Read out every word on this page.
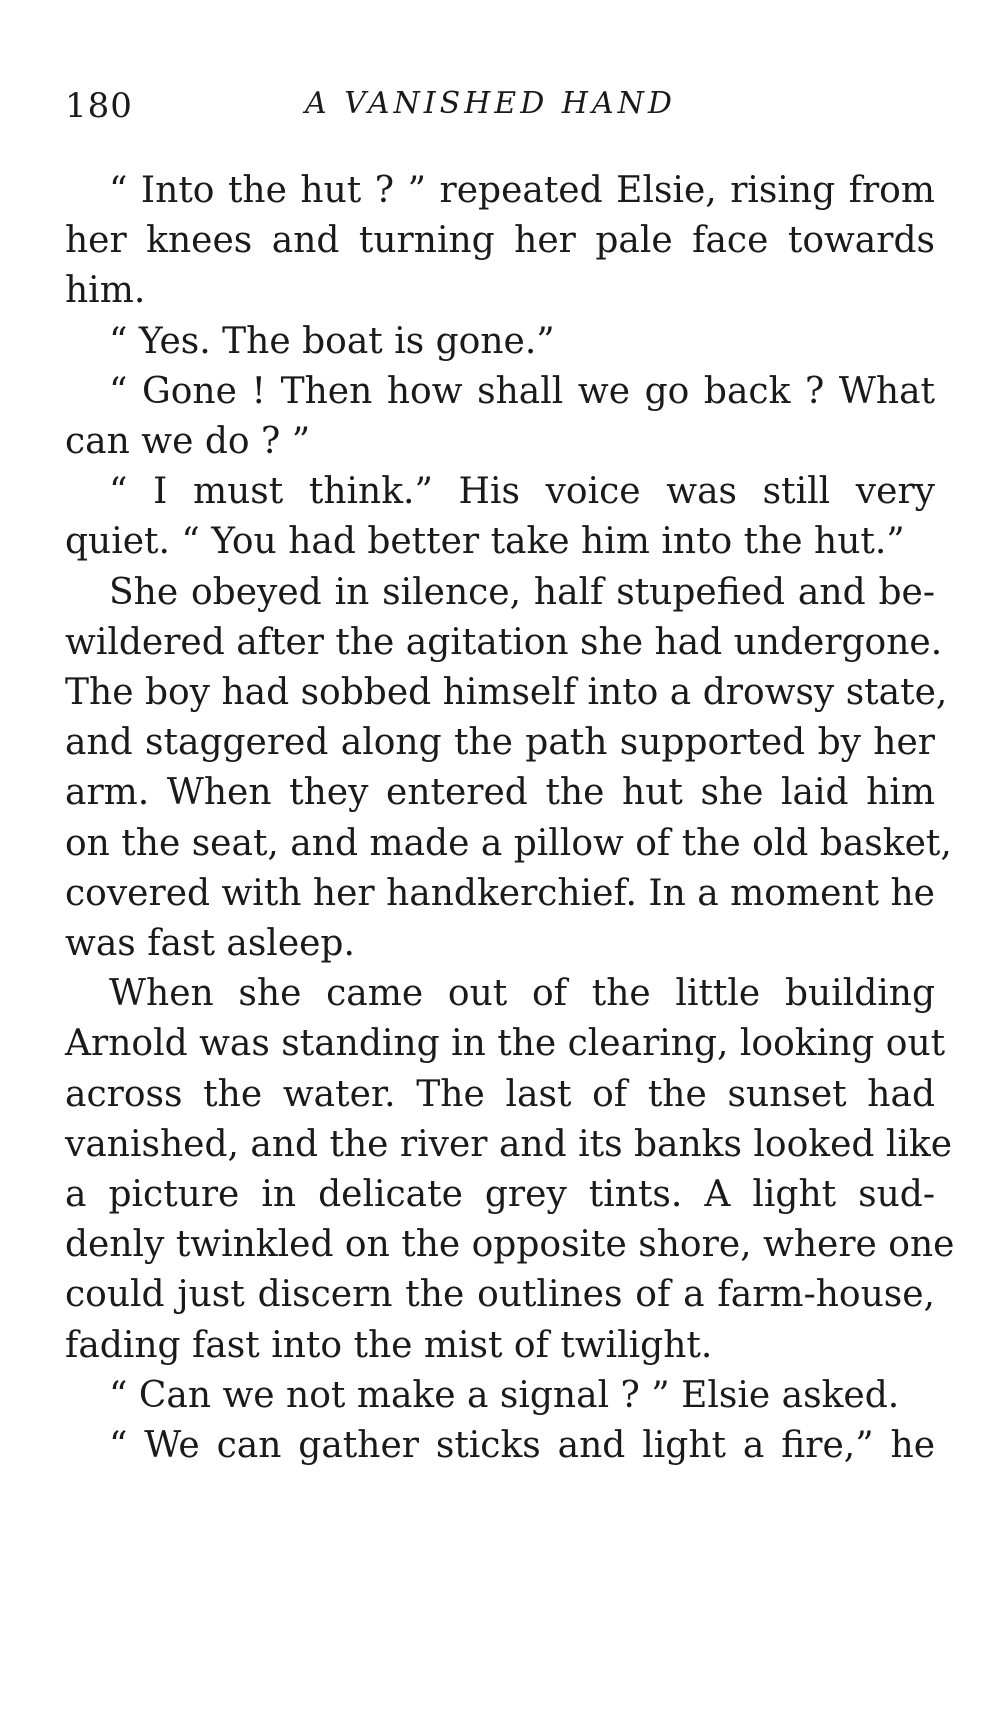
180	A VANISHED HAND
“ Into the hut ? ” repeated Elsie, rising from
her knees and turning her pale face towards
him.
“ Yes. The boat is gone.”
“ Gone ! Then how shall we go back ? What
can we do ? ”
“ I must think.” His voice was still very
quiet. “ You had better take him into the hut.”
She obeyed in silence, half stupefied and be-
wildered after the agitation she had undergone.
The boy had sobbed himself into a drowsy state,
and staggered along the path supported by her
arm. When they entered the hut she laid him
on the seat, and made a pillow of the old basket,
covered with her handkerchief. In a moment he
was fast asleep.
When she came out of the little building
Arnold was standing in the clearing, looking out
across the water. The last of the sunset had
vanished, and the river and its banks looked like
a picture in delicate grey tints. A light sud-
denly twinkled on the opposite shore, where one
could just discern the outlines of a farm-house,
fading fast into the mist of twilight.
“ Can we not make a signal ? ” Elsie asked.
“ We can gather sticks and light a fire,” he
